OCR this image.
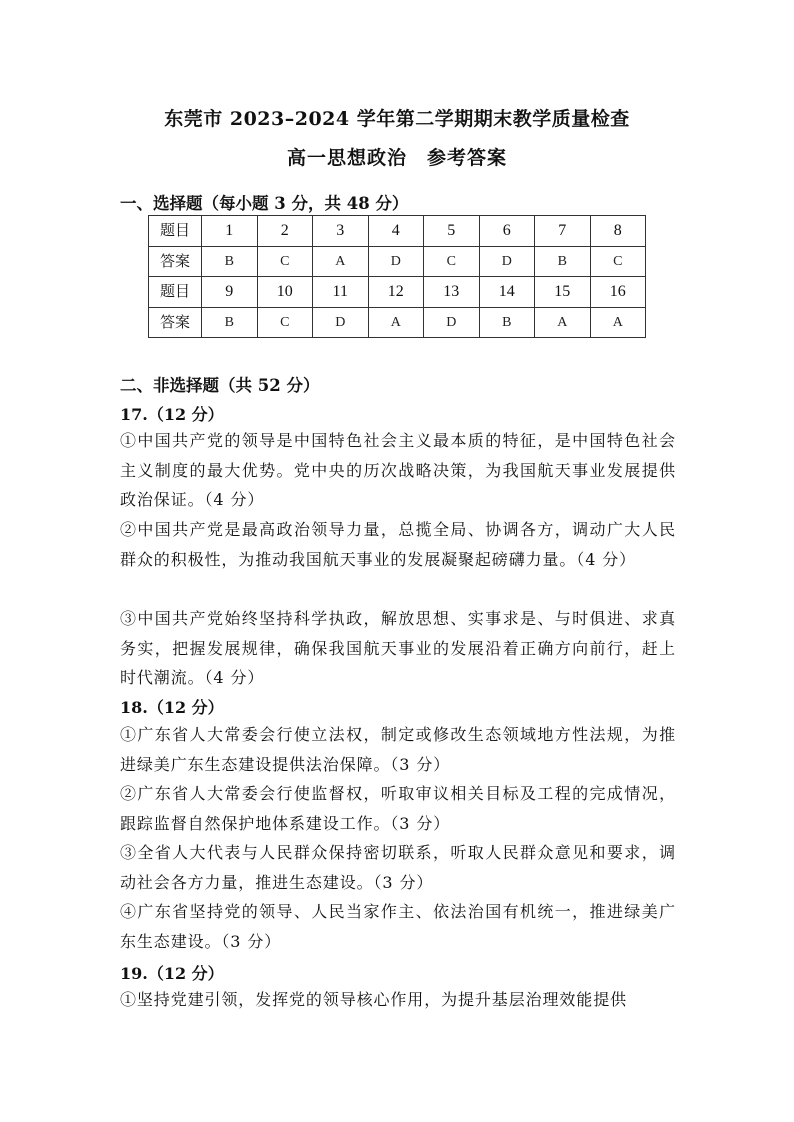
东莞市 2023–2024 学年第二学期期末教学质量检查
高一思想政治　参考答案
一、选择题（每小题 3 分，共 48 分）
题目	1	2	3	4	5	6	7	8
答案	B	C	A	D	C	D	B	C
题目	9	10	11	12	13	14	15	16
答案	B	C	D	A	D	B	A	A
二、非选择题（共 52 分）
17.（12 分）
①中国共产党的领导是中国特色社会主义最本质的特征，是中国特色社会主义制度的最大优势。党中央的历次战略决策，为我国航天事业发展提供政治保证。（4 分）
②中国共产党是最高政治领导力量，总揽全局、协调各方，调动广大人民群众的积极性，为推动我国航天事业的发展凝聚起磅礴力量。（4 分）
③中国共产党始终坚持科学执政，解放思想、实事求是、与时俱进、求真务实，把握发展规律，确保我国航天事业的发展沿着正确方向前行，赶上时代潮流。（4 分）
18.（12 分）
①广东省人大常委会行使立法权，制定或修改生态领域地方性法规，为推进绿美广东生态建设提供法治保障。（3 分）
②广东省人大常委会行使监督权，听取审议相关目标及工程的完成情况，跟踪监督自然保护地体系建设工作。（3 分）
③全省人大代表与人民群众保持密切联系，听取人民群众意见和要求，调动社会各方力量，推进生态建设。（3 分）
④广东省坚持党的领导、人民当家作主、依法治国有机统一，推进绿美广东生态建设。（3 分）
19.（12 分）
①坚持党建引领，发挥党的领导核心作用，为提升基层治理效能提供
